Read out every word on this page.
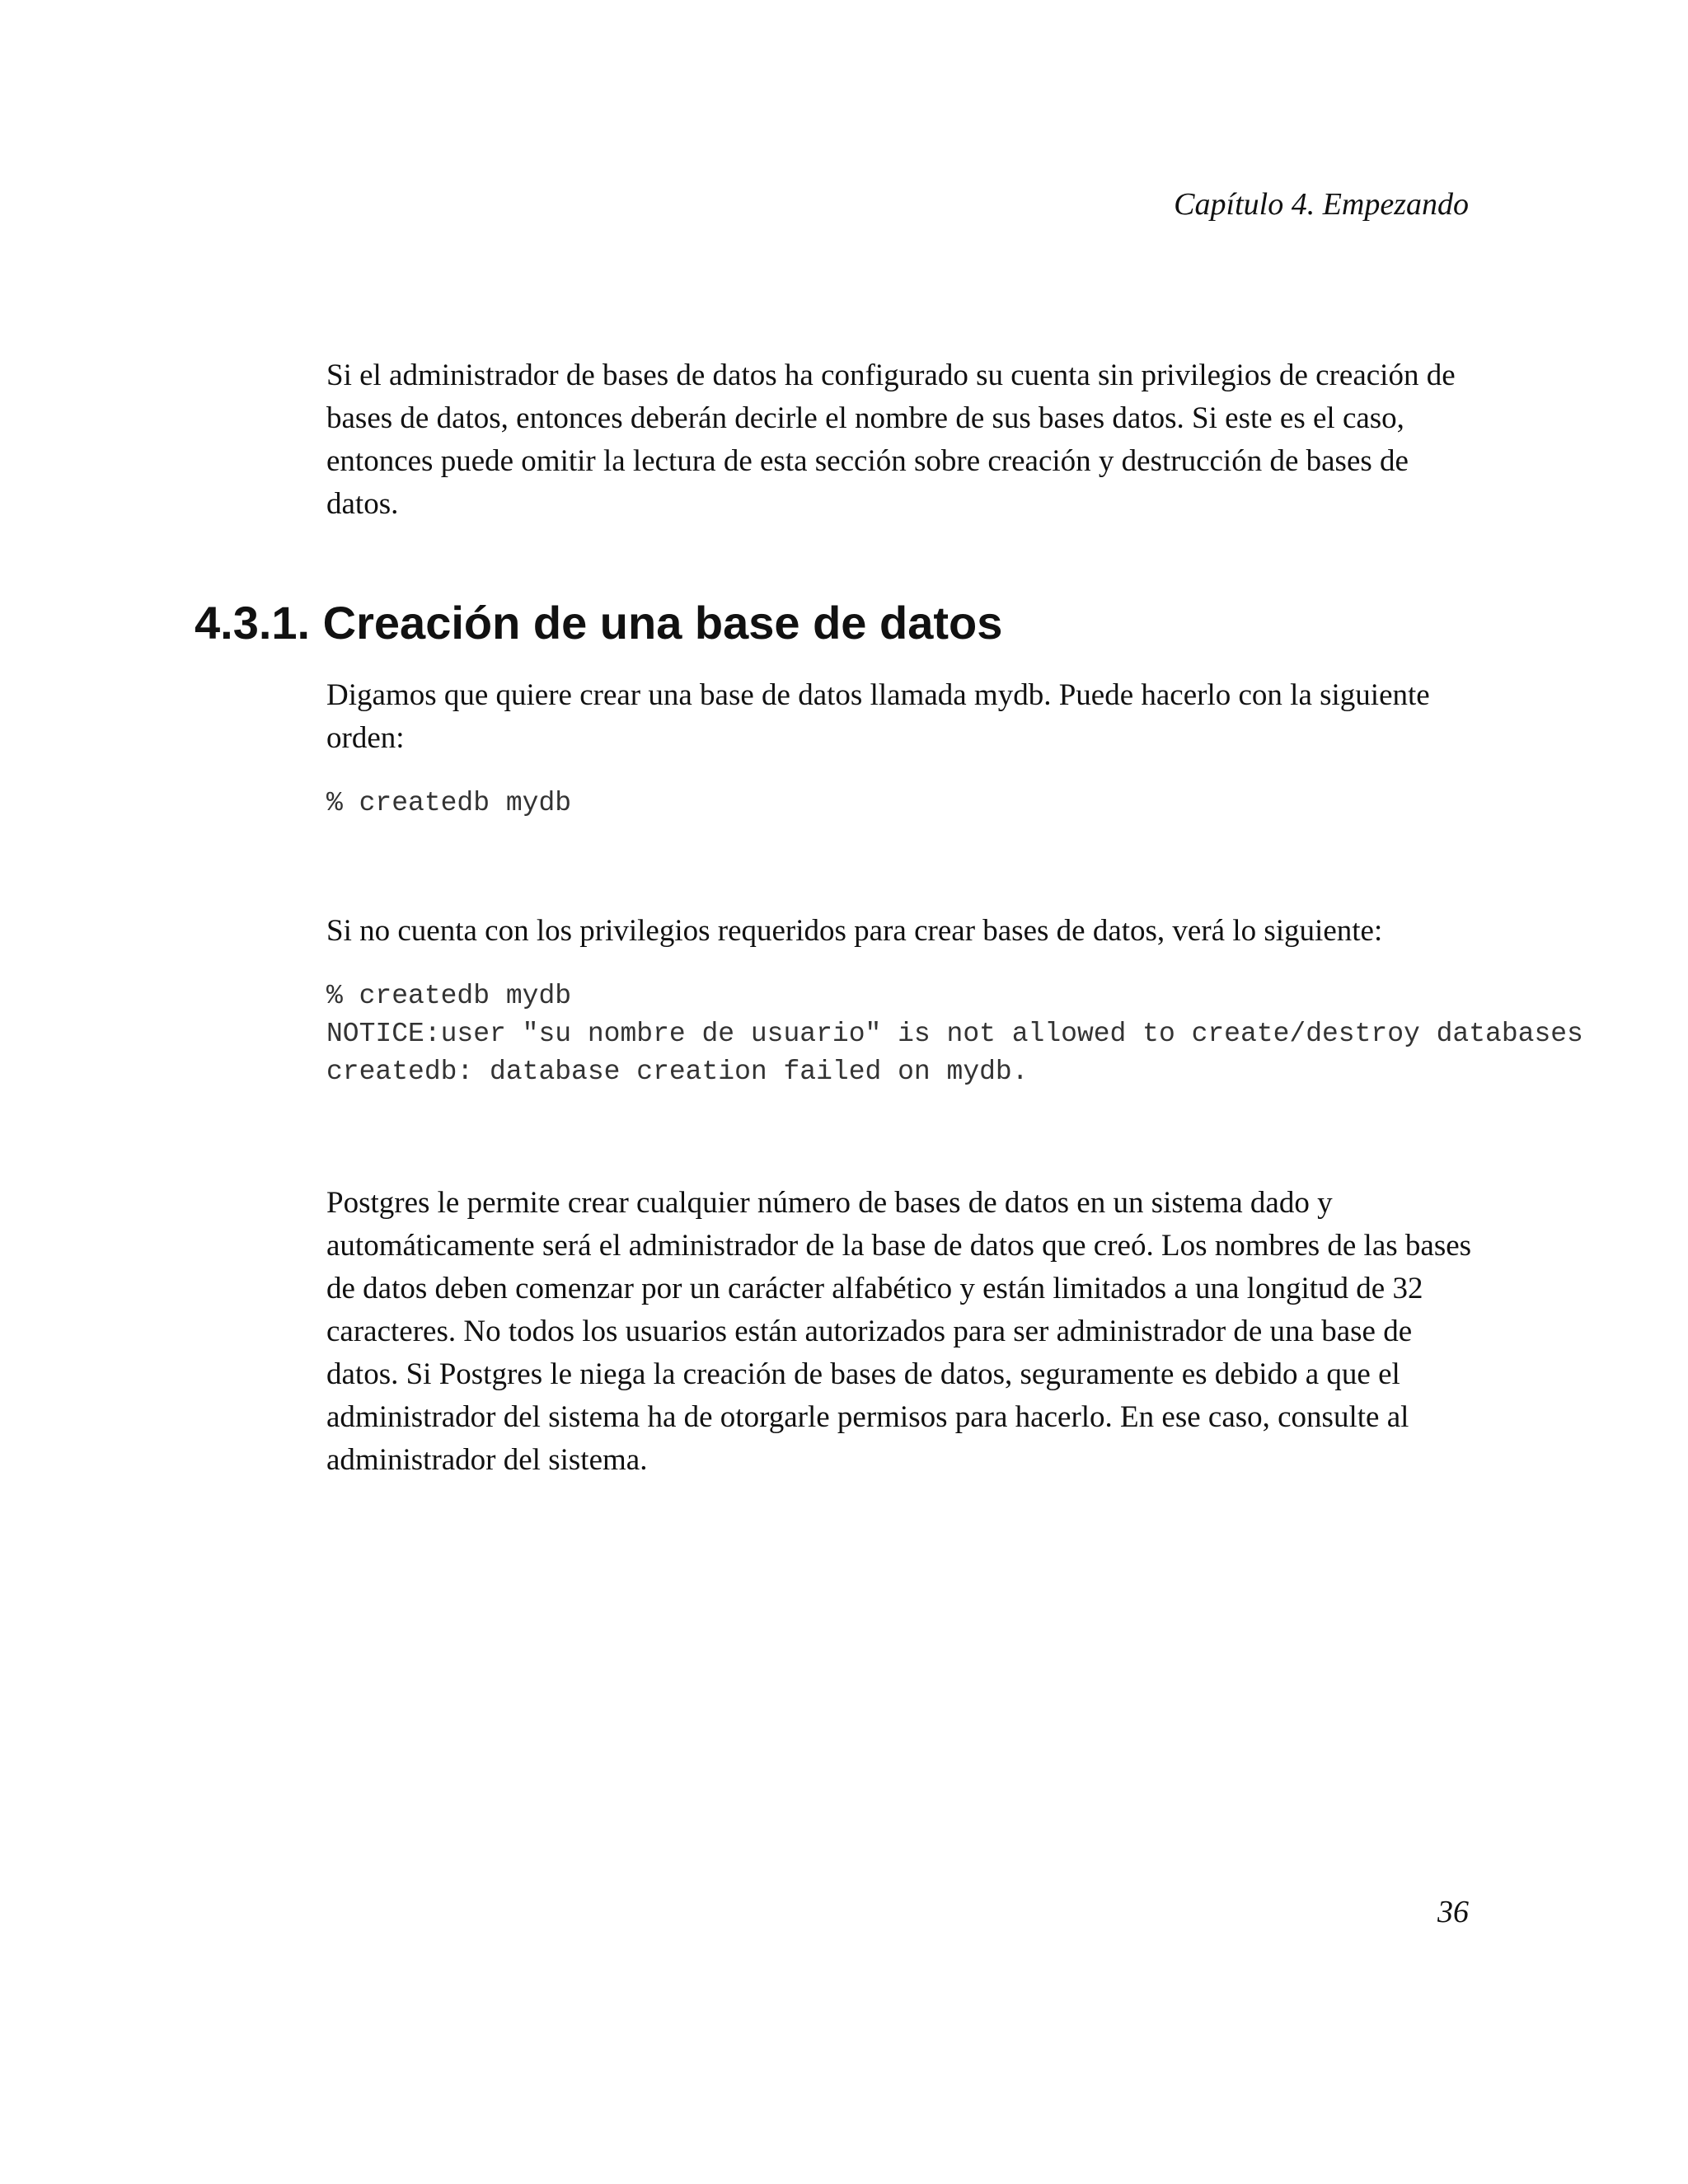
Capítulo 4. Empezando

Si el administrador de bases de datos ha configurado su cuenta sin privilegios de creación de bases de datos, entonces deberán decirle el nombre de sus bases datos. Si este es el caso, entonces puede omitir la lectura de esta sección sobre creación y destrucción de bases de datos.

4.3.1. Creación de una base de datos

Digamos que quiere crear una base de datos llamada mydb. Puede hacerlo con la siguiente orden:

% createdb mydb

Si no cuenta con los privilegios requeridos para crear bases de datos, verá lo siguiente:

% createdb mydb
NOTICE:user "su nombre de usuario" is not allowed to create/destroy databases
createdb: database creation failed on mydb.

Postgres le permite crear cualquier número de bases de datos en un sistema dado y automáticamente será el administrador de la base de datos que creó. Los nombres de las bases de datos deben comenzar por un carácter alfabético y están limitados a una longitud de 32 caracteres. No todos los usuarios están autorizados para ser administrador de una base de datos. Si Postgres le niega la creación de bases de datos, seguramente es debido a que el administrador del sistema ha de otorgarle permisos para hacerlo. En ese caso, consulte al administrador del sistema.

36
